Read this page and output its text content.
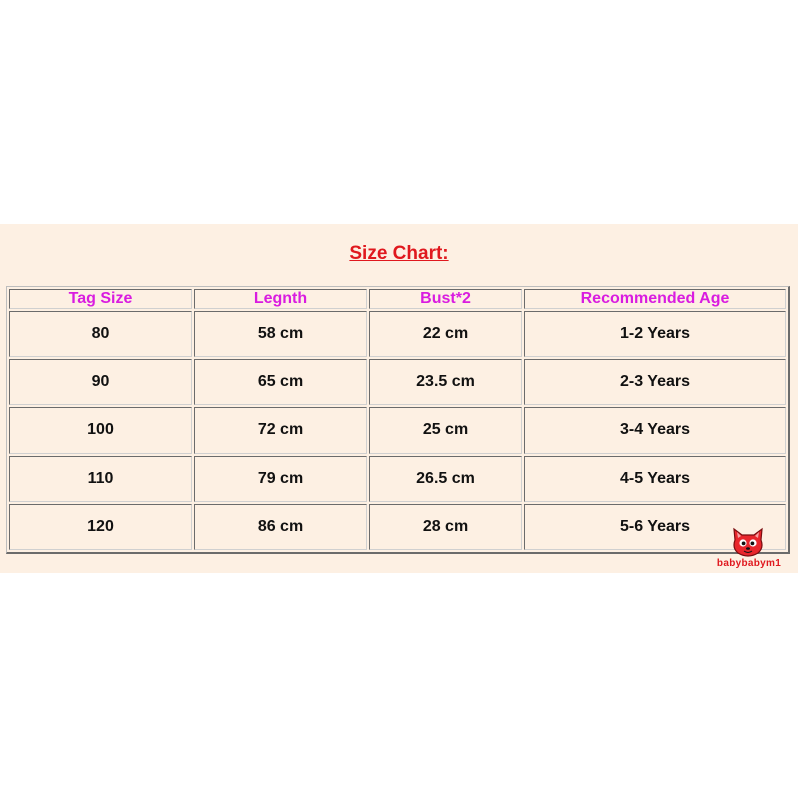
Size Chart:
Tag Size	Legnth	Bust*2	Recommended Age
80	58 cm	22 cm	1-2 Years
90	65 cm	23.5 cm	2-3 Years
100	72 cm	25 cm	3-4 Years
110	79 cm	26.5 cm	4-5 Years
120	86 cm	28 cm	5-6 Years
babybabym1
